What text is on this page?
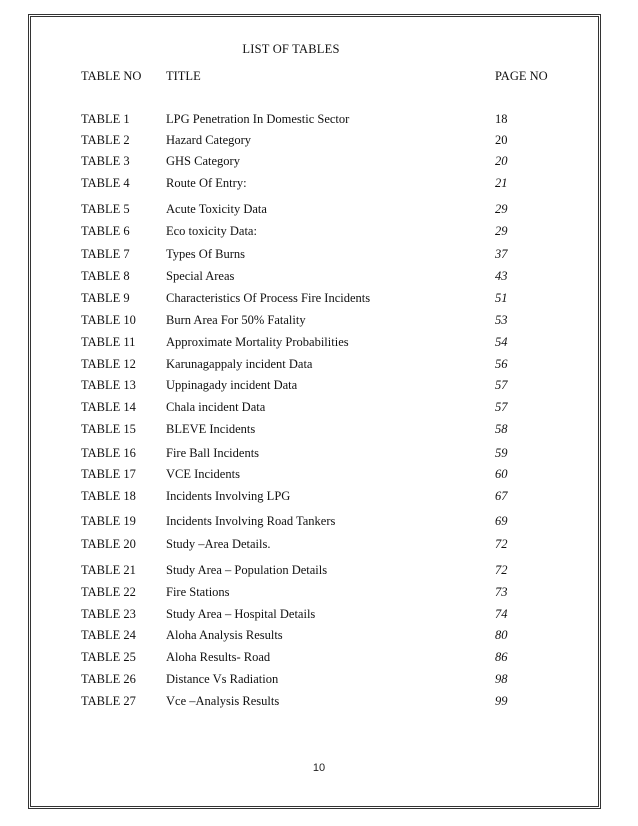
LIST OF TABLES
TABLE NO TITLE	PAGE NO
TABLE 1	LPG Penetration In Domestic Sector	18
TABLE 2	Hazard Category	20
TABLE 3	GHS Category	20
TABLE 4	Route Of Entry:	21
TABLE 5	Acute Toxicity Data	29
TABLE 6	Eco toxicity Data:	29
TABLE 7	Types Of Burns	37
TABLE 8	Special Areas	43
TABLE 9	Characteristics Of Process Fire Incidents	51
TABLE 10 Burn Area For 50% Fatality	53
TABLE 11 Approximate Mortality Probabilities	54
TABLE 12 Karunagappaly incident Data	56
TABLE 13 Uppinagady incident Data	57
TABLE 14 Chala incident Data	57
TABLE 15 BLEVE Incidents	58
TABLE 16 Fire Ball Incidents	59
TABLE 17 VCE Incidents	60
TABLE 18 Incidents Involving LPG	67
TABLE 19 Incidents Involving Road Tankers	69
TABLE 20 Study –Area Details.	72
TABLE 21 Study Area – Population Details	72
TABLE 22 Fire Stations	73
TABLE 23 Study Area – Hospital Details	74
TABLE 24 Aloha Analysis Results	80
TABLE 25 Aloha Results- Road	86
TABLE 26 Distance Vs Radiation	98
TABLE 27 Vce –Analysis Results	99
10
